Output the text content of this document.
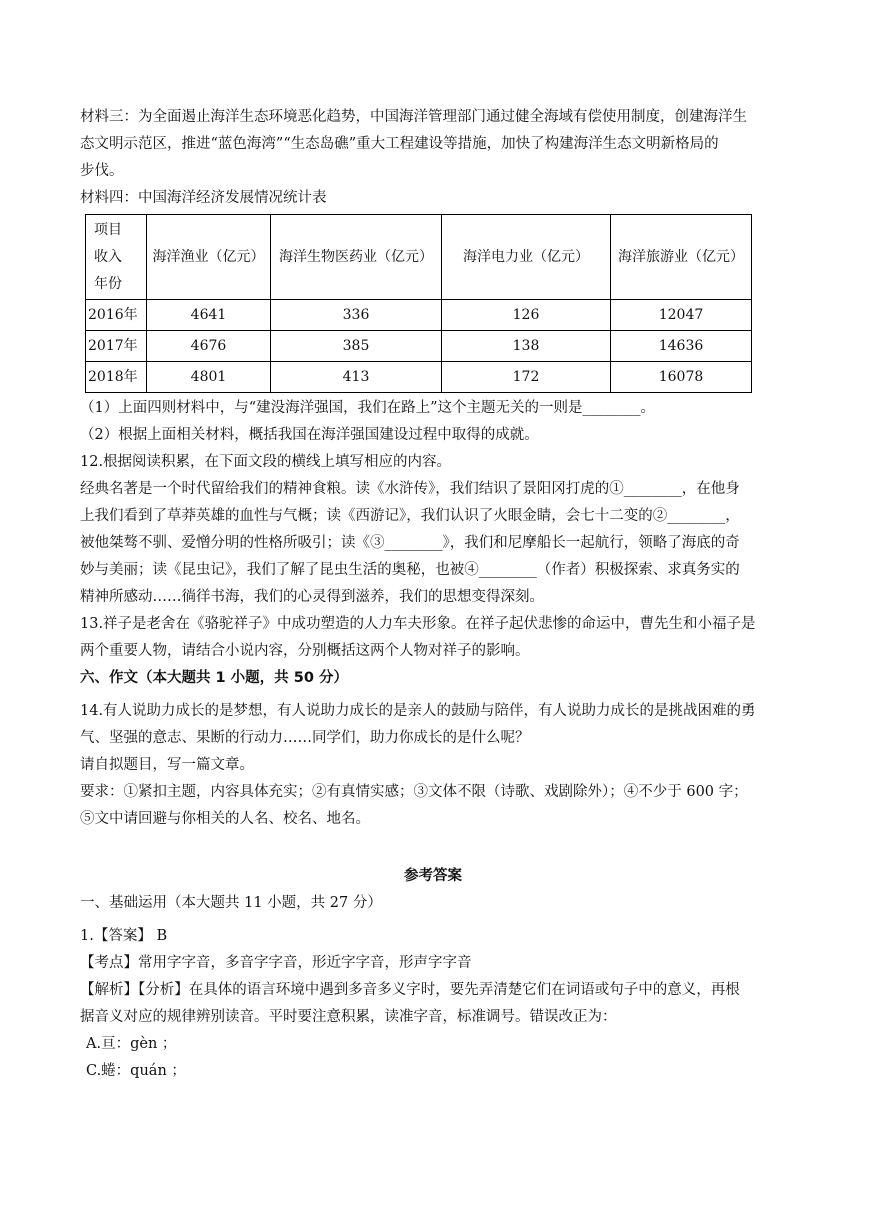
材料三：为全面遏止海洋生态环境恶化趋势，中国海洋管理部门通过健全海域有偿使用制度，创建海洋生

态文明示范区，推进“蓝色海湾”“生态岛礁”重大工程建设等措施，加快了构建海洋生态文明新格局的

步伐。

材料四：中国海洋经济发展情况统计表

项目
收入
年份	海洋渔业（亿元）	海洋生物医药业（亿元）	海洋电力业（亿元）	海洋旅游业（亿元）
2016年	4641	336	126	12047
2017年	4676	385	138	14636
2018年	4801	413	172	16078

（1）上面四则材料中，与“建没海洋强国，我们在路上”这个主题无关的一则是________。

（2）根据上面相关材料，概括我国在海洋强国建设过程中取得的成就。

12.根据阅读积累，在下面文段的横线上填写相应的内容。

经典名著是一个时代留给我们的精神食粮。读《水浒传》，我们结识了景阳冈打虎的①________，在他身

上我们看到了草莽英雄的血性与气概；读《西游记》，我们认识了火眼金睛，会七十二变的②________，

被他桀骜不驯、爱憎分明的性格所吸引；读《③________》，我们和尼摩船长一起航行，领略了海底的奇

妙与美丽；读《昆虫记》，我们了解了昆虫生活的奥秘，也被④________（作者）积极探索、求真务实的

精神所感动……徜徉书海，我们的心灵得到滋养，我们的思想变得深刻。

13.祥子是老舍在《骆驼祥子》中成功塑造的人力车夫形象。在祥子起伏悲惨的命运中，曹先生和小福子是

两个重要人物，请结合小说内容，分别概括这两个人物对祥子的影响。

六、作文（本大题共 1 小题，共 50 分）

14.有人说助力成长的是梦想，有人说助力成长的是亲人的鼓励与陪伴，有人说助力成长的是挑战困难的勇

气、坚强的意志、果断的行动力……同学们，助力你成长的是什么呢？

请自拟题目，写一篇文章。

要求：①紧扣主题，内容具体充实；②有真情实感；③文体不限（诗歌、戏剧除外）；④不少于 600 字；

⑤文中请回避与你相关的人名、校名、地名。

参考答案

一、基础运用（本大题共 11 小题，共 27 分）

1.【答案】 B

【考点】常用字字音，多音字字音，形近字字音，形声字字音

【解析】【分析】在具体的语言环境中遇到多音多义字时，要先弄清楚它们在词语或句子中的意义，再根

据音义对应的规律辨别读音。平时要注意积累，读准字音，标准调号。错误改正为：

A.亘：gèn ；

C.蜷：quán ；
